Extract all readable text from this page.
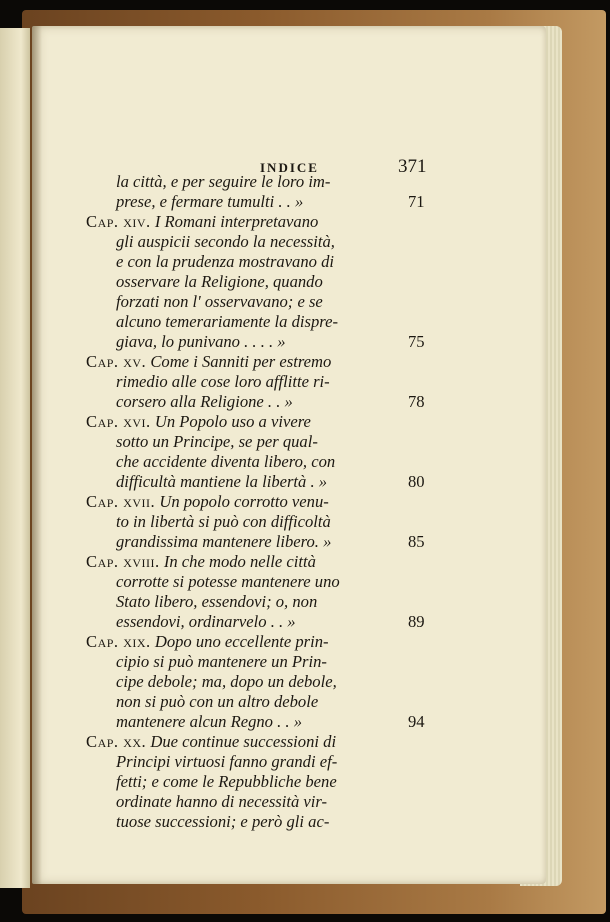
INDICE	371
la città, e per seguire le loro im-
prese, e fermare tumulti . . »	71
Cap. xiv. I Romani interpretavano
gli auspicii secondo la necessità,
e con la prudenza mostravano di
osservare la Religione, quando
forzati non l' osservavano; e se
alcuno temerariamente la dispre-
giava, lo punivano . . . . »	75
Cap. xv. Come i Sanniti per estremo
rimedio alle cose loro afflitte ri-
corsero alla Religione . . »	78
Cap. xvi. Un Popolo uso a vivere
sotto un Principe, se per qual-
che accidente diventa libero, con
difficultà mantiene la libertà . »	80
Cap. xvii. Un popolo corrotto venu-
to in libertà si può con difficoltà
grandissima mantenere libero. »	85
Cap. xviii. In che modo nelle città
corrotte si potesse mantenere uno
Stato libero, essendovi; o, non
essendovi, ordinarvelo . . »	89
Cap. xix. Dopo uno eccellente prin-
cipio si può mantenere un Prin-
cipe debole; ma, dopo un debole,
non si può con un altro debole
mantenere alcun Regno . . »	94
Cap. xx. Due continue successioni di
Principi virtuosi fanno grandi ef-
fetti; e come le Repubbliche bene
ordinate hanno di necessità vir-
tuose successioni; e però gli ac-
